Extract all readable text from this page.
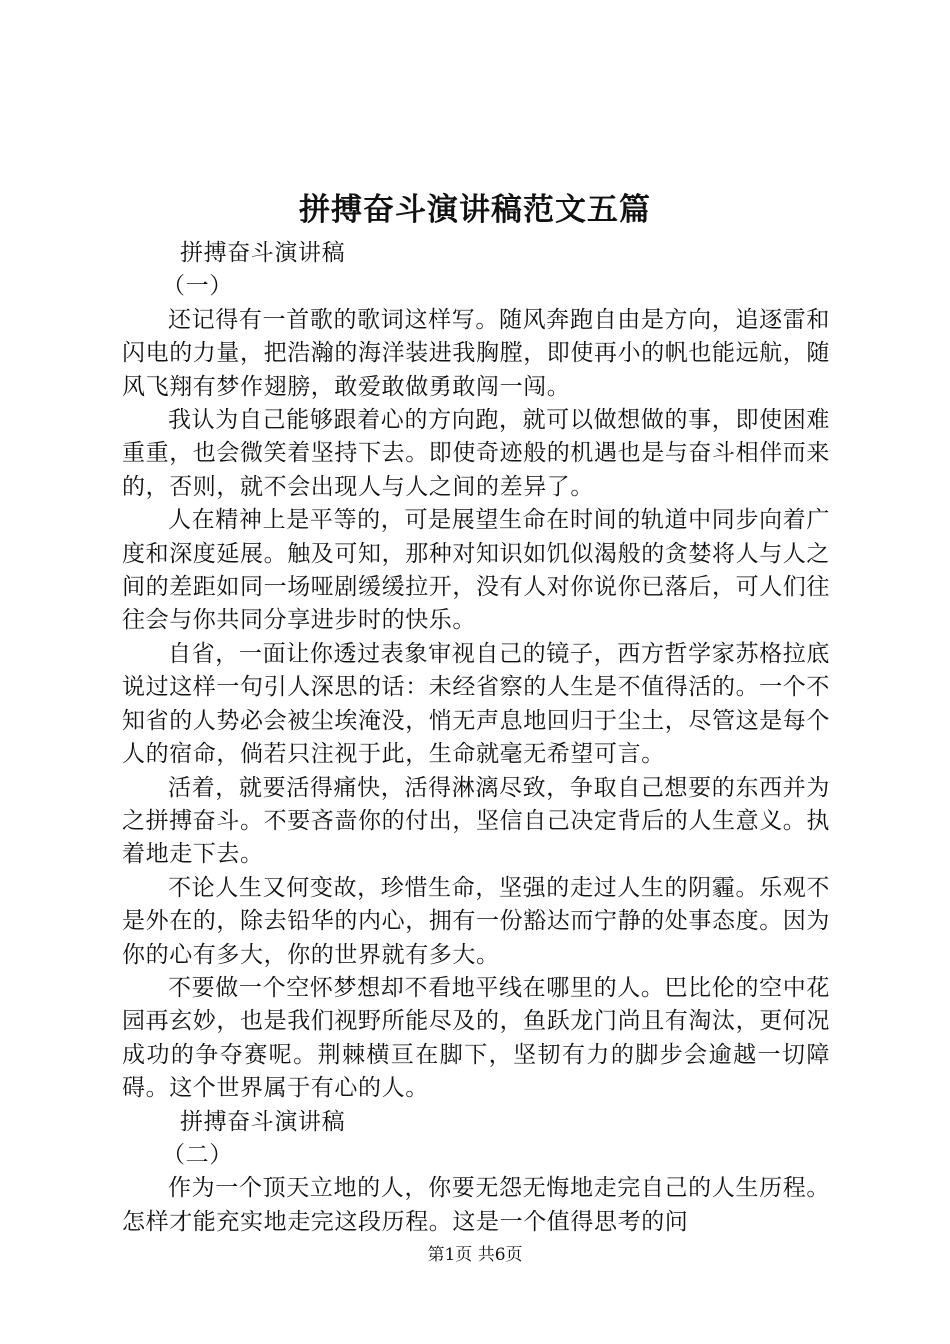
拼搏奋斗演讲稿范文五篇

拼搏奋斗演讲稿

（一）

还记得有一首歌的歌词这样写。随风奔跑自由是方向，追逐雷和闪电的力量，把浩瀚的海洋装进我胸膛，即使再小的帆也能远航，随风飞翔有梦作翅膀，敢爱敢做勇敢闯一闯。

我认为自己能够跟着心的方向跑，就可以做想做的事，即使困难重重，也会微笑着坚持下去。即使奇迹般的机遇也是与奋斗相伴而来的，否则，就不会出现人与人之间的差异了。

人在精神上是平等的，可是展望生命在时间的轨道中同步向着广度和深度延展。触及可知，那种对知识如饥似渴般的贪婪将人与人之间的差距如同一场哑剧缓缓拉开，没有人对你说你已落后，可人们往往会与你共同分享进步时的快乐。

自省，一面让你透过表象审视自己的镜子，西方哲学家苏格拉底说过这样一句引人深思的话：未经省察的人生是不值得活的。一个不知省的人势必会被尘埃淹没，悄无声息地回归于尘土，尽管这是每个人的宿命，倘若只注视于此，生命就毫无希望可言。

活着，就要活得痛快，活得淋漓尽致，争取自己想要的东西并为之拼搏奋斗。不要吝啬你的付出，坚信自己决定背后的人生意义。执着地走下去。

不论人生又何变故，珍惜生命，坚强的走过人生的阴霾。乐观不是外在的，除去铅华的内心，拥有一份豁达而宁静的处事态度。因为你的心有多大，你的世界就有多大。

不要做一个空怀梦想却不看地平线在哪里的人。巴比伦的空中花园再玄妙，也是我们视野所能尽及的，鱼跃龙门尚且有淘汰，更何况成功的争夺赛呢。荆棘横亘在脚下，坚韧有力的脚步会逾越一切障碍。这个世界属于有心的人。

拼搏奋斗演讲稿

（二）

作为一个顶天立地的人，你要无怨无悔地走完自己的人生历程。怎样才能充实地走完这段历程。这是一个值得思考的问

第1页 共6页
